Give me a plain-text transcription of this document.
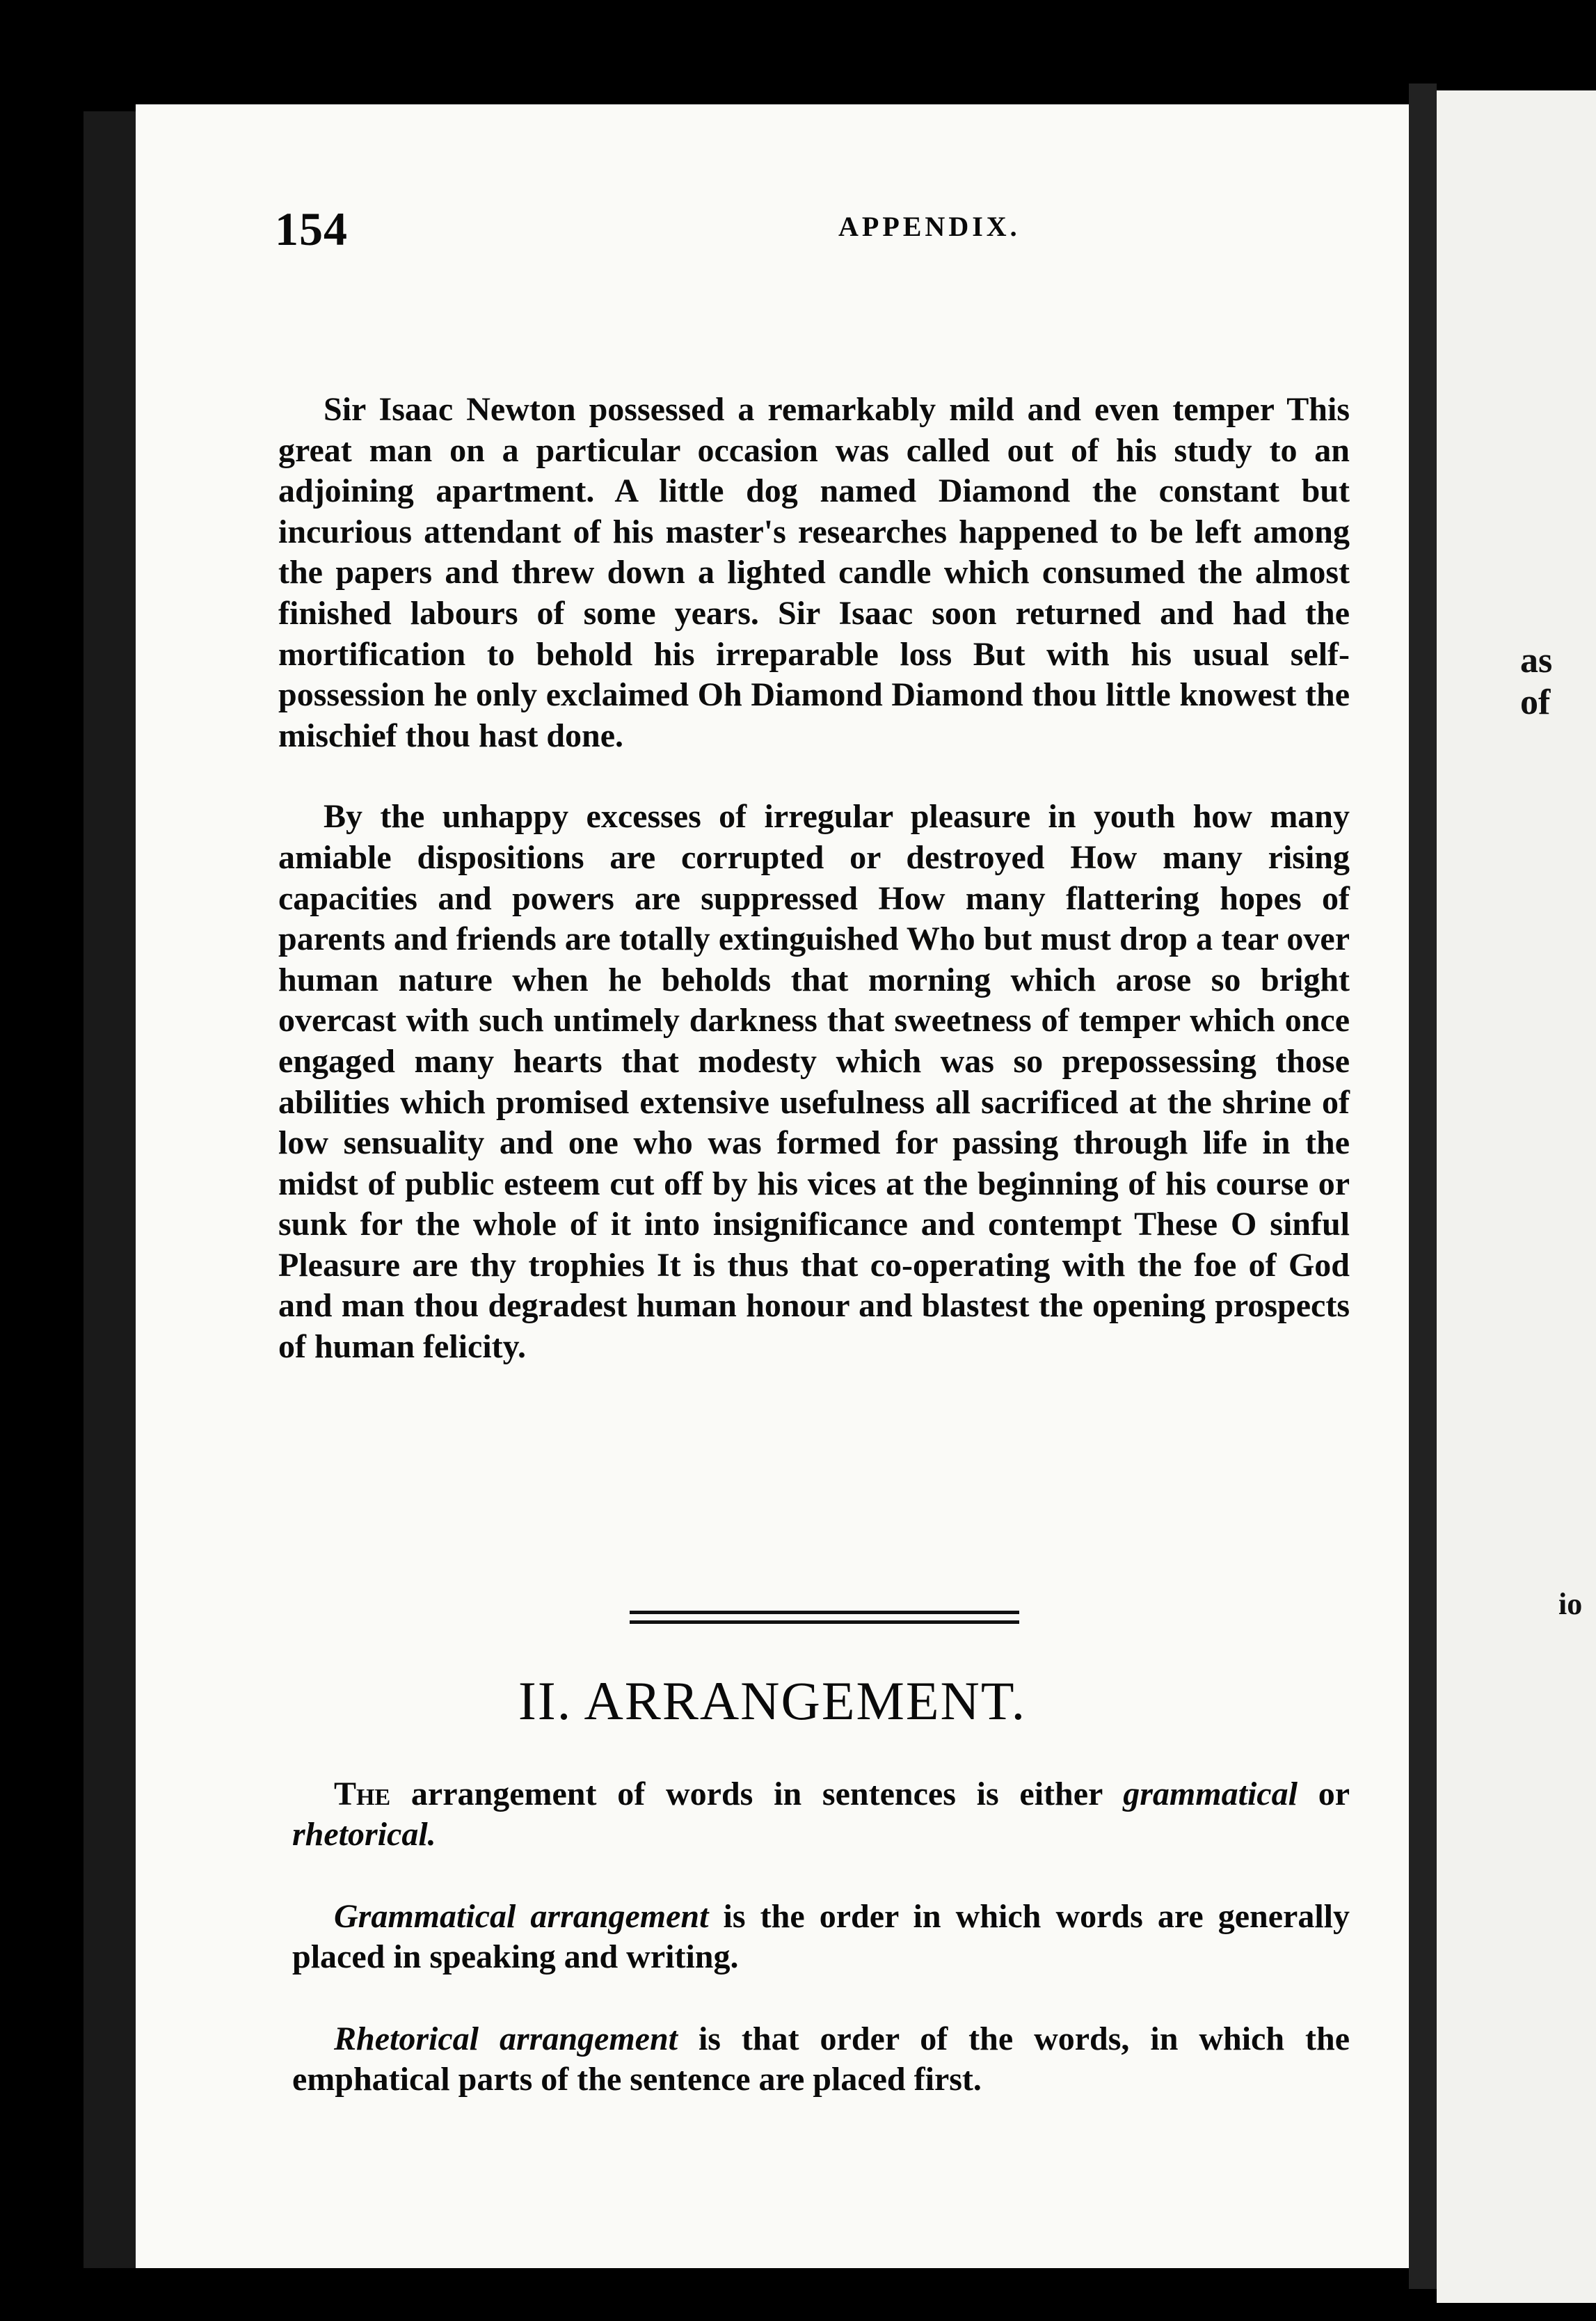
154	APPENDIX.

Sir Isaac Newton possessed a remarkably mild and even temper This great man on a particular occasion was called out of his study to an adjoining apartment. A little dog named Diamond the constant but incurious attendant of his master's researches happened to be left among the papers and threw down a lighted candle which consumed the almost finished labours of some years. Sir Isaac soon returned and had the mortification to behold his irreparable loss But with his usual self-possession he only exclaimed Oh Diamond Diamond thou little knowest the mischief thou hast done.

By the unhappy excesses of irregular pleasure in youth how many amiable dispositions are corrupted or destroyed How many rising capacities and powers are suppressed How many flattering hopes of parents and friends are totally extinguished Who but must drop a tear over human nature when he beholds that morning which arose so bright overcast with such untimely darkness that sweetness of temper which once engaged many hearts that modesty which was so prepossessing those abilities which promised extensive usefulness all sacrificed at the shrine of low sensuality and one who was formed for passing through life in the midst of public esteem cut off by his vices at the beginning of his course or sunk for the whole of it into insignificance and contempt These O sinful Pleasure are thy trophies It is thus that co-operating with the foe of God and man thou degradest human honour and blastest the opening prospects of human felicity.

II. ARRANGEMENT.

The arrangement of words in sentences is either grammatical or rhetorical.

Grammatical arrangement is the order in which words are generally placed in speaking and writing.

Rhetorical arrangement is that order of the words, in which the emphatical parts of the sentence are placed first.

as
of
io
